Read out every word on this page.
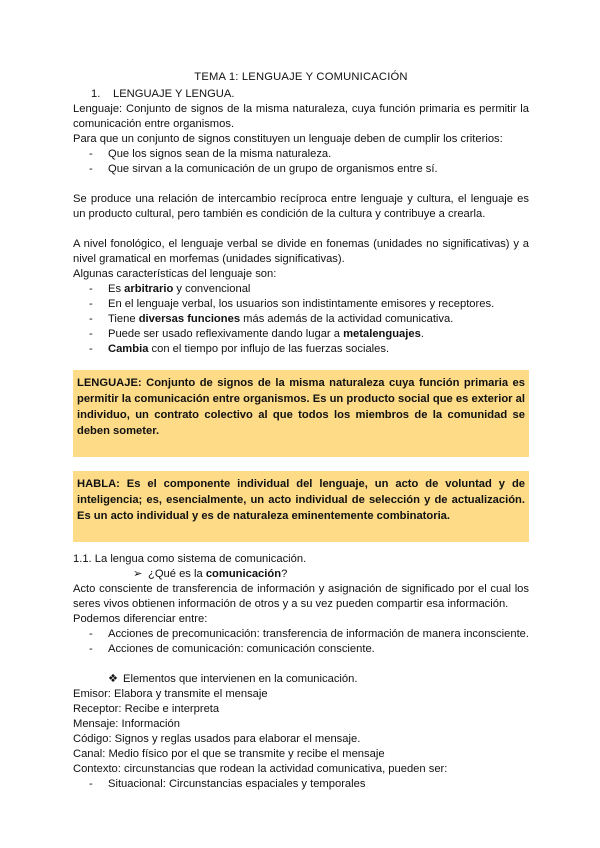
TEMA 1: LENGUAJE Y COMUNICACIÓN
1. LENGUAJE Y LENGUA.

Lenguaje: Conjunto de signos de la misma naturaleza, cuya función primaria es permitir la comunicación entre organismos.

Para que un conjunto de signos constituyen un lenguaje deben de cumplir los criterios:

- Que los signos sean de la misma naturaleza.
- Que sirvan a la comunicación de un grupo de organismos entre sí.

Se produce una relación de intercambio recíproca entre lenguaje y cultura, el lenguaje es un producto cultural, pero también es condición de la cultura y contribuye a crearla.

A nivel fonológico, el lenguaje verbal se divide en fonemas (unidades no significativas) y a nivel gramatical en morfemas (unidades significativas).

Algunas características del lenguaje son:

- Es arbitrario y convencional
- En el lenguaje verbal, los usuarios son indistintamente emisores y receptores.
- Tiene diversas funciones más además de la actividad comunicativa.
- Puede ser usado reflexivamente dando lugar a metalenguajes.
- Cambia con el tiempo por influjo de las fuerzas sociales.
LENGUAJE: Conjunto de signos de la misma naturaleza cuya función primaria es permitir la comunicación entre organismos. Es un producto social que es exterior al individuo, un contrato colectivo al que todos los miembros de la comunidad se deben someter.
HABLA: Es el componente individual del lenguaje, un acto de voluntad y de inteligencia; es, esencialmente, un acto individual de selección y de actualización. Es un acto individual y es de naturaleza eminentemente combinatoria.

1.1. La lengua como sistema de comunicación.

➢ ¿Qué es la comunicación?

Acto consciente de transferencia de información y asignación de significado por el cual los seres vivos obtienen información de otros y a su vez pueden compartir esa información.

Podemos diferenciar entre:

- Acciones de precomunicación: transferencia de información de manera inconsciente.
- Acciones de comunicación: comunicación consciente.
❖ Elementos que intervienen en la comunicación.

Emisor: Elabora y transmite el mensaje

Receptor: Recibe e interpreta

Mensaje: Información

Código: Signos y reglas usados para elaborar el mensaje.

Canal: Medio físico por el que se transmite y recibe el mensaje

Contexto: circunstancias que rodean la actividad comunicativa, pueden ser:

- Situacional: Circunstancias espaciales y temporales
